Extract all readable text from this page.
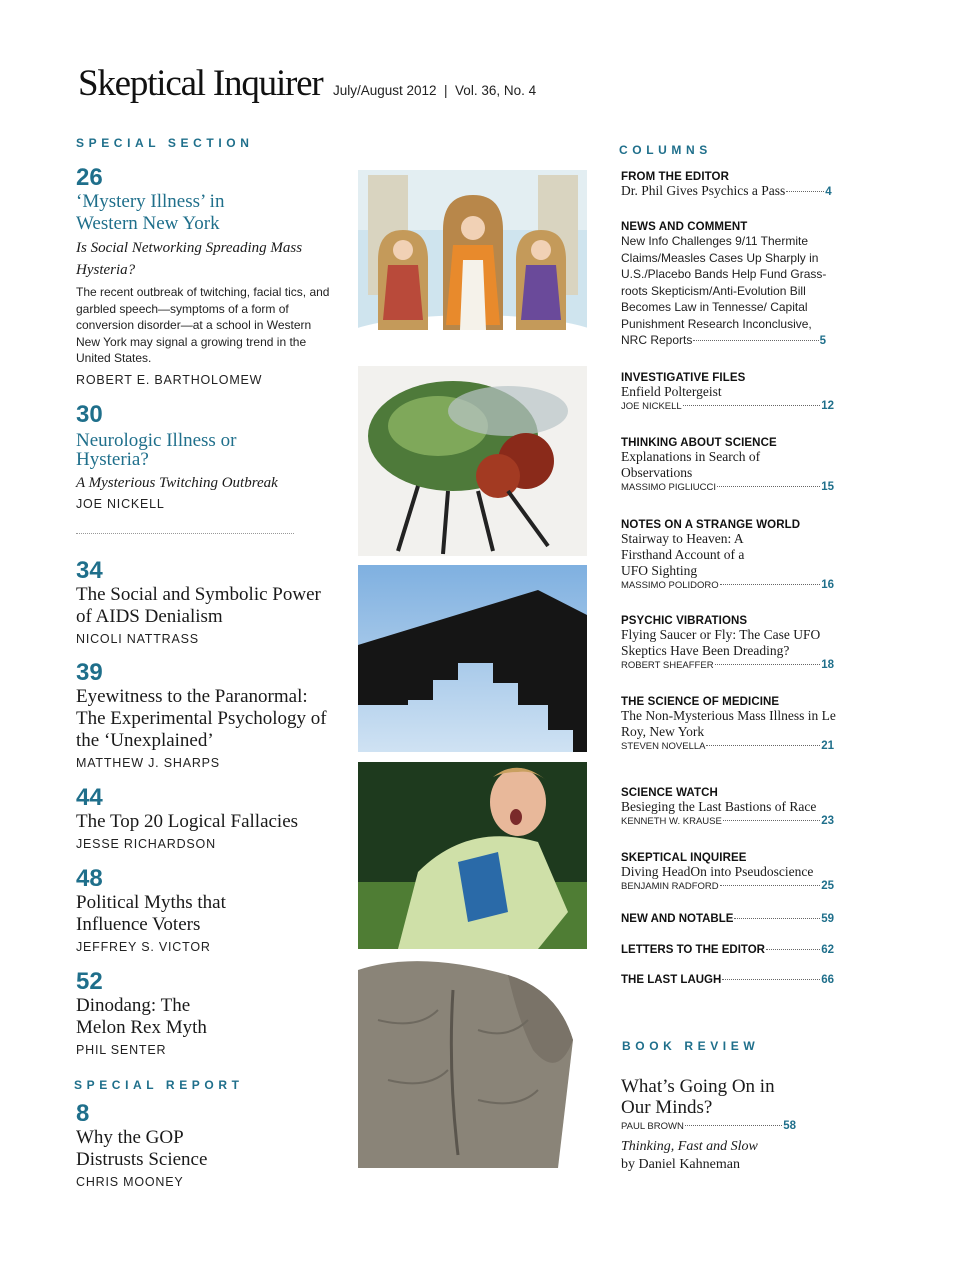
Skeptical Inquirer July/August 2012  |  Vol. 36, No. 4
SPECIAL SECTION
26
‘Mystery Illness’ in Western New York
Is Social Networking Spreading Mass Hysteria?
The recent outbreak of twitching, facial tics, and garbled speech—symptoms of a form of conversion disorder—at a school in Western New York may signal a growing trend in the United States.
ROBERT E. BARTHOLOMEW
30
Neurologic Illness or Hysteria?
A Mysterious Twitching Outbreak
JOE NICKELL
34
The Social and Symbolic Power of AIDS Denialism
NICOLI NATTRASS
39
Eyewitness to the Paranormal: The Experimental Psychology of the ‘Unexplained’
MATTHEW J. SHARPS
44
The Top 20 Logical Fallacies
JESSE RICHARDSON
48
Political Myths that Influence Voters
JEFFREY S. VICTOR
52
Dinodang: The Melon Rex Myth
PHIL SENTER
SPECIAL REPORT
8
Why the GOP Distrusts Science
CHRIS MOONEY
COLUMNS
FROM THE EDITOR
Dr. Phil Gives Psychics a Pass	4
NEWS AND COMMENT
New Info Challenges 9/11 Thermite Claims/Measles Cases Up Sharply in U.S./Placebo Bands Help Fund Grass-roots Skepticism/Anti-Evolution Bill Becomes Law in Tennesse/ Capital Punishment Research Inconclusive,
NRC Reports	5
INVESTIGATIVE FILES
Enfield Poltergeist
JOE NICKELL	12
THINKING ABOUT SCIENCE
Explanations in Search of Observations
MASSIMO PIGLIUCCI	15
NOTES ON A STRANGE WORLD
Stairway to Heaven: A Firsthand Account of a UFO Sighting
MASSIMO POLIDORO	16
PSYCHIC VIBRATIONS
Flying Saucer or Fly: The Case UFO Skeptics Have Been Dreading?
ROBERT SHEAFFER	18
THE SCIENCE OF MEDICINE
The Non-Mysterious Mass Illness in Le Roy, New York
STEVEN NOVELLA	21
SCIENCE WATCH
Besieging the Last Bastions of Race
KENNETH W. KRAUSE	23
SKEPTICAL INQUIREE
Diving HeadOn into Pseudoscience
BENJAMIN RADFORD	25
NEW AND NOTABLE	59
LETTERS TO THE EDITOR	62
THE LAST LAUGH	66
BOOK REVIEW
What’s Going On in Our Minds?
PAUL BROWN	58
Thinking, Fast and Slow
by Daniel Kahneman
